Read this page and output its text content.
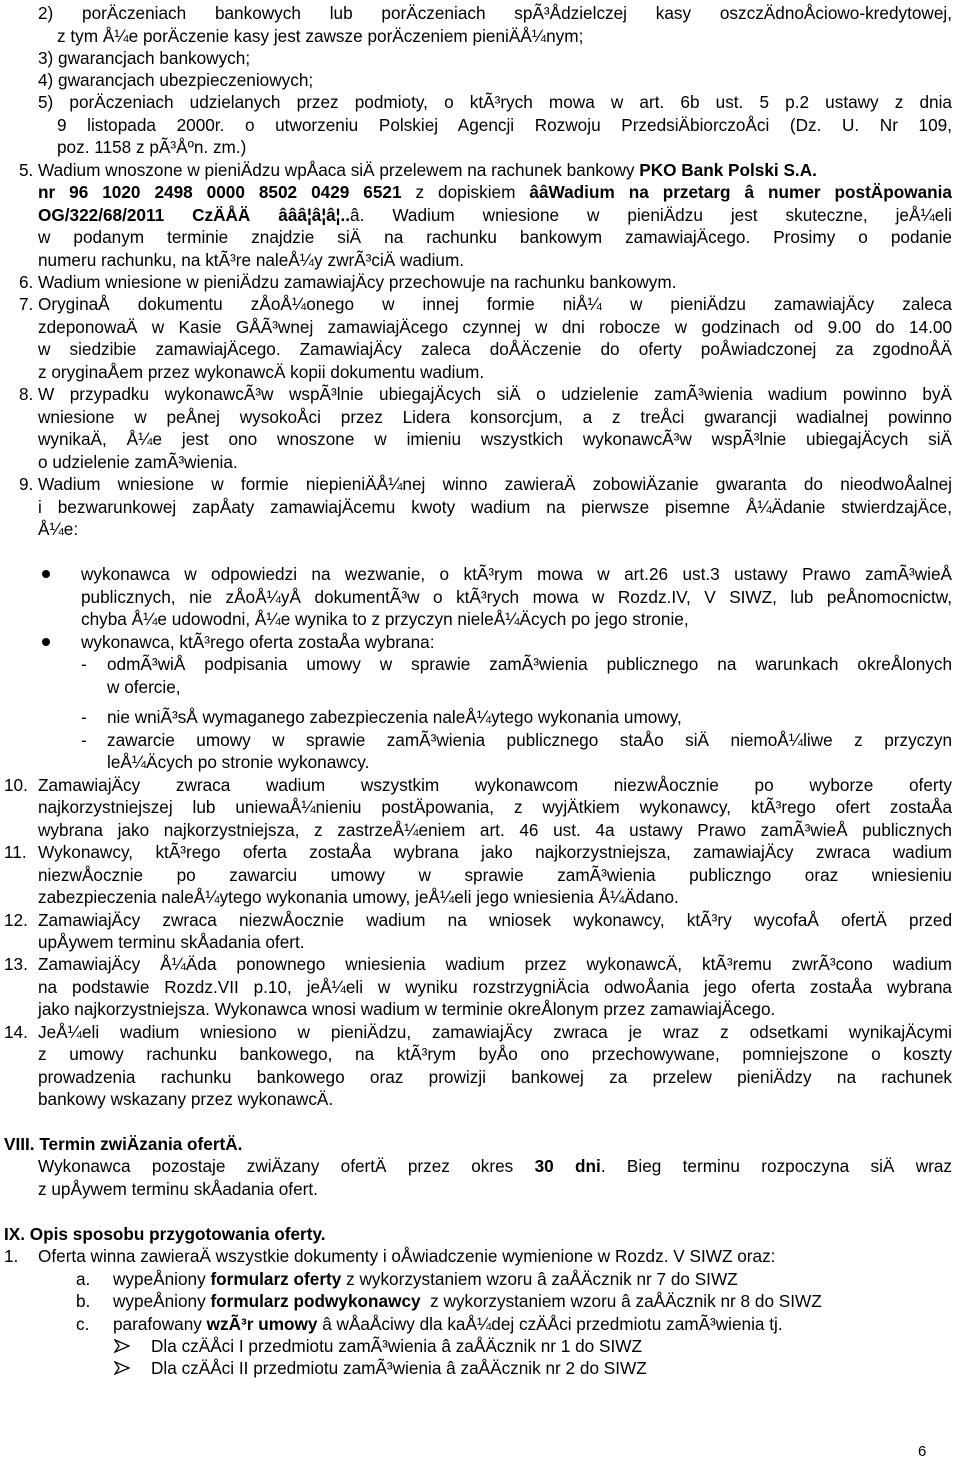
2) porÄczeniach bankowych lub porÄczeniach spÃ³Ådzielczej kasy oszczÄdnoÅciowo-kredytowej,
z tym Å¼e porÄczenie kasy jest zawsze porÄczeniem pieniÄÅ¼nym;
3) gwarancjach bankowych;
4) gwarancjach ubezpieczeniowych;
5) porÄczeniach udzielanych przez podmioty, o ktÃ³rych mowa w art. 6b ust. 5 p.2 ustawy z dnia
9 listopada 2000r. o utworzeniu Polskiej Agencji Rozwoju PrzedsiÄbiorczoÅci (Dz. U. Nr 109,
poz. 1158 z pÃ³Åºn. zm.)
5. Wadium wnoszone w pieniÄdzu wpÅaca siÄ przelewem na rachunek bankowy PKO Bank Polski S.A.
nr 96 1020 2498 0000 8502 0429 6521 z dopiskiem ââWadium na przetarg â numer postÄpowania
OG/322/68/2011 CzÄÅÄ âââ¦â¦â¦..â. Wadium wniesione w pieniÄdzu jest skuteczne, jeÅ¼eli
w podanym terminie znajdzie siÄ na rachunku bankowym zamawiajÄcego. Prosimy o podanie
numeru rachunku, na ktÃ³re naleÅ¼y zwrÃ³ciÄ wadium.
6. Wadium wniesione w pieniÄdzu zamawiajÄcy przechowuje na rachunku bankowym.
7. OryginaÅ dokumentu zÅoÅ¼onego w innej formie niÅ¼ w pieniÄdzu zamawiajÄcy zaleca
zdeponowaÄ w Kasie GÅÃ³wnej zamawiajÄcego czynnej w dni robocze w godzinach od 9.00 do 14.00
w siedzibie zamawiajÄcego. ZamawiajÄcy zaleca doÅÄczenie do oferty poÅwiadczonej za zgodnoÅÄ
z oryginaÅem przez wykonawcÄ kopii dokumentu wadium.
8. W przypadku wykonawcÃ³w wspÃ³lnie ubiegajÄcych siÄ o udzielenie zamÃ³wienia wadium powinno byÄ
wniesione w peÅnej wysokoÅci przez Lidera konsorcjum, a z treÅci gwarancji wadialnej powinno
wynikaÄ, Å¼e jest ono wnoszone w imieniu wszystkich wykonawcÃ³w wspÃ³lnie ubiegajÄcych siÄ
o udzielenie zamÃ³wienia.
9. Wadium wniesione w formie niepieniÄÅ¼nej winno zawieraÄ zobowiÄzanie gwaranta do nieodwoÅalnej
i bezwarunkowej zapÅaty zamawiajÄcemu kwoty wadium na pierwsze pisemne Å¼Ädanie stwierdzajÄce,
Å¼e:
wykonawca w odpowiedzi na wezwanie, o ktÃ³rym mowa w art.26 ust.3 ustawy Prawo zamÃ³wieÅ
publicznych, nie zÅoÅ¼yÅ dokumentÃ³w o ktÃ³rych mowa w Rozdz.IV, V SIWZ, lub peÅnomocnictw,
chyba Å¼e udowodni, Å¼e wynika to z przyczyn nieleÅ¼Äcych po jego stronie,
wykonawca, ktÃ³rego oferta zostaÅa wybrana:
- odmÃ³wiÅ podpisania umowy w sprawie zamÃ³wienia publicznego na warunkach okreÅlonych
w ofercie,
- nie wniÃ³sÅ wymaganego zabezpieczenia naleÅ¼ytego wykonania umowy,
- zawarcie umowy w sprawie zamÃ³wienia publicznego staÅo siÄ niemoÅ¼liwe z przyczyn
leÅ¼Äcych po stronie wykonawcy.
10. ZamawiajÄcy zwraca wadium wszystkim wykonawcom niezwÅocznie po wyborze oferty
najkorzystniejszej lub uniewaÅ¼nieniu postÄpowania, z wyjÄtkiem wykonawcy, ktÃ³rego ofert zostaÅa
wybrana jako najkorzystniejsza, z zastrzeÅ¼eniem art. 46 ust. 4a ustawy Prawo zamÃ³wieÅ publicznych
11. Wykonawcy, ktÃ³rego oferta zostaÅa wybrana jako najkorzystniejsza, zamawiajÄcy zwraca wadium
niezwÅocznie po zawarciu umowy w sprawie zamÃ³wienia publiczngo oraz wniesieniu
zabezpieczenia naleÅ¼ytego wykonania umowy, jeÅ¼eli jego wniesienia Å¼Ädano.
12. ZamawiajÄcy zwraca niezwÅocznie wadium na wniosek wykonawcy, ktÃ³ry wycofaÅ ofertÄ przed
upÅywem terminu skÅadania ofert.
13. ZamawiajÄcy Å¼Äda ponownego wniesienia wadium przez wykonawcÄ, ktÃ³remu zwrÃ³cono wadium
na podstawie Rozdz.VII p.10, jeÅ¼eli w wyniku rozstrzygniÄcia odwoÅania jego oferta zostaÅa wybrana
jako najkorzystniejsza. Wykonawca wnosi wadium w terminie okreÅlonym przez zamawiajÄcego.
14. JeÅ¼eli wadium wniesiono w pieniÄdzu, zamawiajÄcy zwraca je wraz z odsetkami wynikajÄcymi
z umowy rachunku bankowego, na ktÃ³rym byÅo ono przechowywane, pomniejszone o koszty
prowadzenia rachunku bankowego oraz prowizji bankowej za przelew pieniÄdzy na rachunek
bankowy wskazany przez wykonawcÄ.
VIII. Termin zwiÄzania ofertÄ.
Wykonawca pozostaje zwiÄzany ofertÄ przez okres 30 dni. Bieg terminu rozpoczyna siÄ wraz
z upÅywem terminu skÅadania ofert.
IX. Opis sposobu przygotowania oferty.
1. Oferta winna zawieraÄ wszystkie dokumenty i oÅwiadczenie wymienione w Rozdz. V SIWZ oraz:
a. wypeÅniony formularz oferty z wykorzystaniem wzoru â zaÅÄcznik nr 7 do SIWZ
b. wypeÅniony formularz podwykonawcy  z wykorzystaniem wzoru â zaÅÄcznik nr 8 do SIWZ
c. parafowany wzÃ³r umowy â wÅaÅciwy dla kaÅ¼dej czÄÅci przedmiotu zamÃ³wienia tj.
Dla czÄÅci I przedmiotu zamÃ³wienia â zaÅÄcznik nr 1 do SIWZ
Dla czÄÅci II przedmiotu zamÃ³wienia â zaÅÄcznik nr 2 do SIWZ
6
